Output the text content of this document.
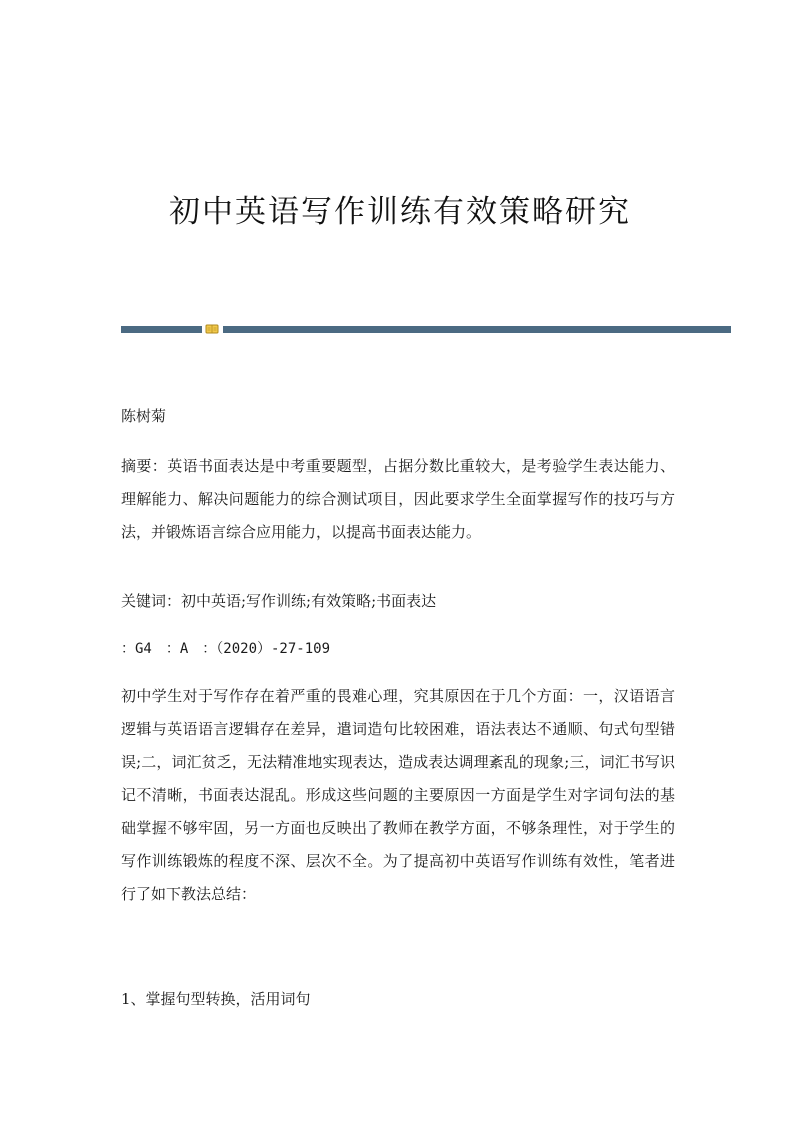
初中英语写作训练有效策略研究

陈树菊

摘要：英语书面表达是中考重要题型，占据分数比重较大，是考验学生表达能力、理解能力、解决问题能力的综合测试项目，因此要求学生全面掌握写作的技巧与方法，并锻炼语言综合应用能力，以提高书面表达能力。

关键词：初中英语;写作训练;有效策略;书面表达

：G4　：A　：（2020）-27-109

初中学生对于写作存在着严重的畏难心理，究其原因在于几个方面：一，汉语语言逻辑与英语语言逻辑存在差异，遣词造句比较困难，语法表达不通顺、句式句型错误;二，词汇贫乏，无法精准地实现表达，造成表达调理紊乱的现象;三，词汇书写识记不清晰，书面表达混乱。形成这些问题的主要原因一方面是学生对字词句法的基础掌握不够牢固，另一方面也反映出了教师在教学方面，不够条理性，对于学生的写作训练锻炼的程度不深、层次不全。为了提高初中英语写作训练有效性，笔者进行了如下教法总结：

1、掌握句型转换，活用词句
